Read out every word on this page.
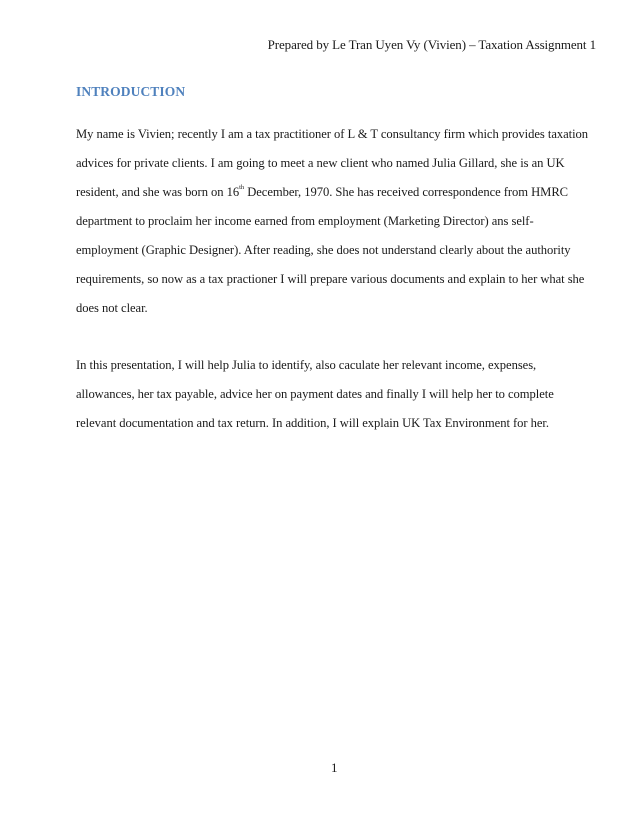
Prepared by Le Tran Uyen Vy (Vivien) – Taxation Assignment 1
INTRODUCTION

My name is Vivien; recently I am a tax practitioner of L & T consultancy firm which provides taxation
advices for private clients. I am going to meet a new client who named Julia Gillard, she is an UK
resident, and she was born on 16th December, 1970. She has received correspondence from HMRC
department to proclaim her income earned from employment (Marketing Director) ans self-
employment (Graphic Designer). After reading, she does not understand clearly about the authority
requirements, so now as a tax practioner I will prepare various documents and explain to her what she
does not clear.

In this presentation, I will help Julia to identify, also caculate her relevant income, expenses,
allowances, her tax payable, advice her on payment dates and finally I will help her to complete
relevant documentation and tax return. In addition, I will explain UK Tax Environment for her.

1
